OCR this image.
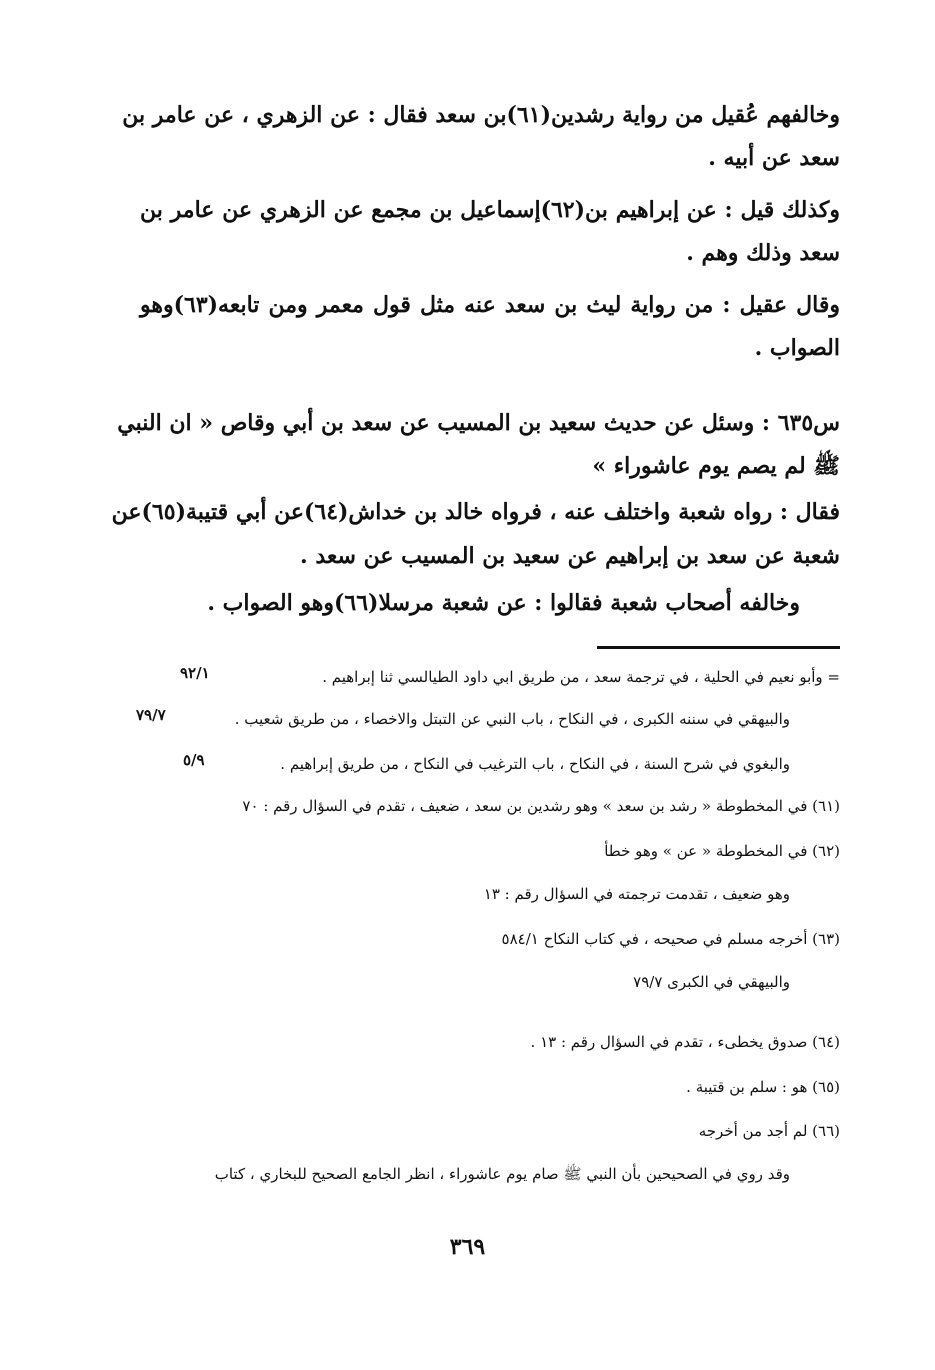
وخالفهم عُقيل من رواية رشدين(٦١)بن سعد فقال : عن الزهري ، عن عامر بن
سعد عن أبيه .
وكذلك قيل : عن إبراهيم بن(٦٢)إسماعيل بن مجمع عن الزهري عن عامر بن
سعد وذلك وهم .
وقال عقيل : من رواية ليث بن سعد عنه مثل قول معمر ومن تابعه(٦٣)وهو
الصواب .
س٦٣٥ : وسئل عن حديث سعيد بن المسيب عن سعد بن أبي وقاص « ان النبي
ﷺ لم يصم يوم عاشوراء »
فقال : رواه شعبة واختلف عنه ، فرواه خالد بن خداش(٦٤)عن أبي قتيبة(٦٥)عن
شعبة عن سعد بن إبراهيم عن سعيد بن المسيب عن سعد .
وخالفه أصحاب شعبة فقالوا : عن شعبة مرسلا(٦٦)وهو الصواب .
= وأبو نعيم في الحلية ، في ترجمة سعد ، من طريق ابي داود الطيالسي ثنا إبراهيم .
٩٢/١
والبيهقي في سننه الكبرى ، في النكاح ، باب النبي عن التبتل والاخصاء ، من طريق شعيب .
٧٩/٧
والبغوي في شرح السنة ، في النكاح ، باب الترغيب في النكاح ، من طريق إبراهيم .
٥/٩
(٦١) في المخطوطة « رشد بن سعد » وهو رشدين بن سعد ، ضعيف ، تقدم في السؤال رقم : ٧٠
(٦٢) في المخطوطة « عن » وهو خطأ
وهو ضعيف ، تقدمت ترجمته في السؤال رقم : ١٣
(٦٣) أخرجه مسلم في صحيحه ، في كتاب النكاح ٥٨٤/١
والبيهقي في الكبرى ٧٩/٧
(٦٤) صدوق يخطىء ، تقدم في السؤال رقم : ١٣ .
(٦٥) هو : سلم بن قتيبة .
(٦٦) لم أجد من أخرجه
وقد روي في الصحيحين بأن النبي ﷺ صام يوم عاشوراء ، انظر الجامع الصحيح للبخاري ، كتاب
٣٦٩
